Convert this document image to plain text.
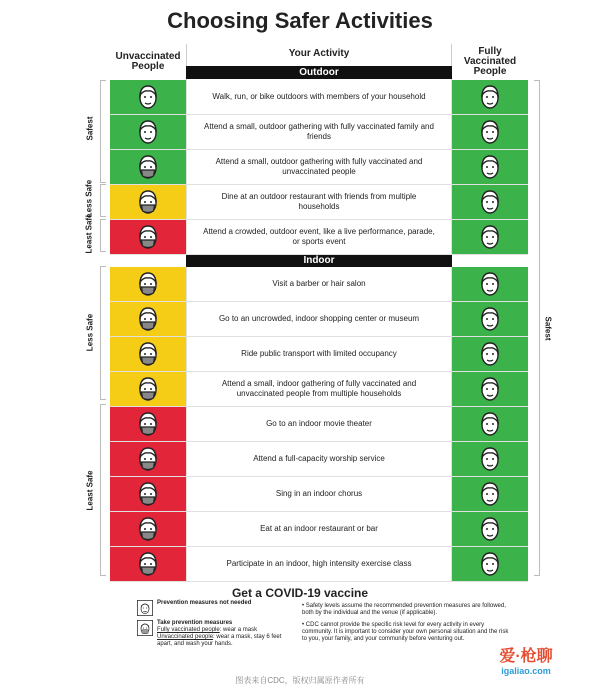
Choosing Safer Activities
Unvaccinated People
Your Activity	Fully Vaccinated People
Outdoor
Walk, run, or bike outdoors with members of your household
Attend a small, outdoor gathering with fully vaccinated family and friends
Attend a small, outdoor gathering with fully vaccinated and unvaccinated people
Dine at an outdoor restaurant with friends from multiple households
Attend a crowded, outdoor event, like a live performance, parade, or sports event
Indoor
Visit a barber or hair salon
Go to an uncrowded, indoor shopping center or museum
Ride public transport with limited occupancy
Attend a small, indoor gathering of fully vaccinated and unvaccinated people from multiple households
Go to an indoor movie theater
Attend a full-capacity worship service
Sing in an indoor chorus
Eat at an indoor restaurant or bar
Participate in an indoor, high intensity exercise class
Safest
Less Safe
Least Safe
Less Safe
Least Safe
Safest
Get a COVID-19 vaccine
Prevention measures not needed
Take prevention measures
Fully vaccinated people: wear a mask
Unvaccinated people: wear a mask, stay 6 feet apart, and wash your hands.

• Safety levels assume the recommended prevention measures are followed, both by the individual and the venue (if applicable).

• CDC cannot provide the specific risk level for every activity in every community. It is important to consider your own personal situation and the risk to you, your family, and your community before venturing out.

爱·枪聊
igaliao.com
图表来自CDC，版权归属原作者所有
